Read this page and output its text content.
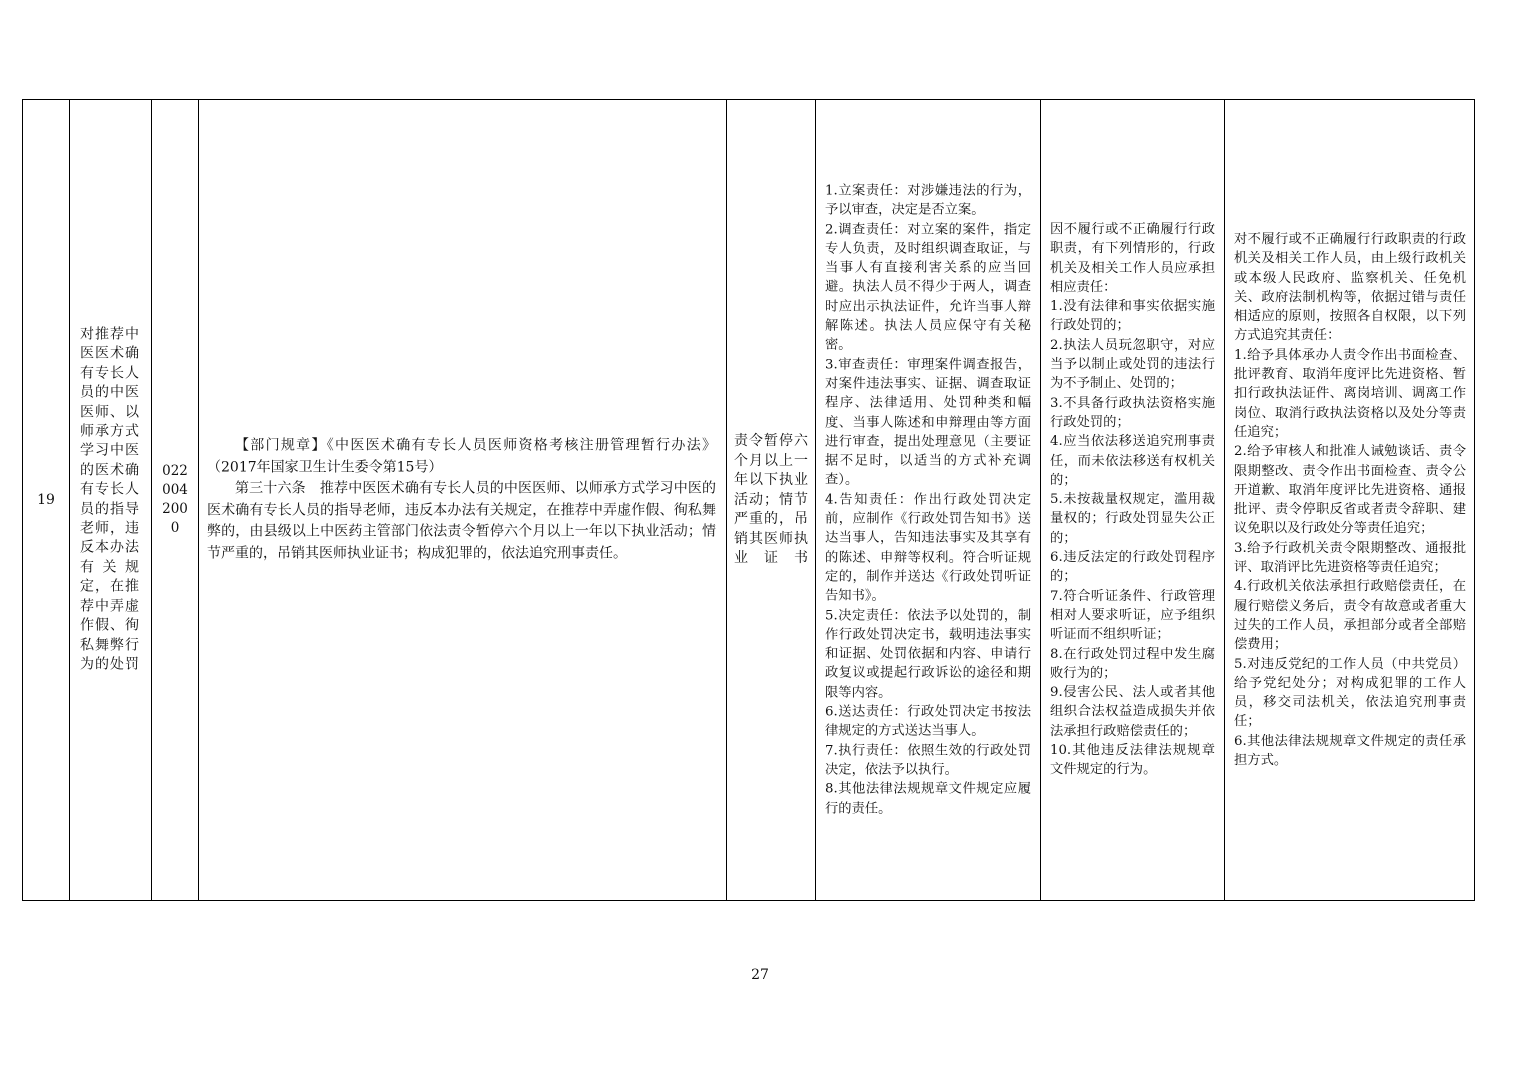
19
对推荐中医医术确有专长人员的中医医师、以师承方式学习中医的医术确有专长人员的指导老师，违反本办法有关规定，在推荐中弄虚作假、徇私舞弊行为的处罚
0220042000

【部门规章】《中医医术确有专长人员医师资格考核注册管理暂行办法》（2017年国家卫生计生委令第15号）

第三十六条　推荐中医医术确有专长人员的中医医师、以师承方式学习中医的医术确有专长人员的指导老师，违反本办法有关规定，在推荐中弄虚作假、徇私舞弊的，由县级以上中医药主管部门依法责令暂停六个月以上一年以下执业活动；情节严重的，吊销其医师执业证书；构成犯罪的，依法追究刑事责任。

责令暂停六个月以上一年以下执业活动；情节严重的，吊销其医师执业证书
1.立案责任：对涉嫌违法的行为，予以审查，决定是否立案。
2.调查责任：对立案的案件，指定专人负责，及时组织调查取证，与当事人有直接利害关系的应当回避。执法人员不得少于两人，调查时应出示执法证件，允许当事人辩解陈述。执法人员应保守有关秘密。
3.审查责任：审理案件调查报告，对案件违法事实、证据、调查取证程序、法律适用、处罚种类和幅度、当事人陈述和申辩理由等方面进行审查，提出处理意见（主要证据不足时，以适当的方式补充调查）。
4.告知责任：作出行政处罚决定前，应制作《行政处罚告知书》送达当事人，告知违法事实及其享有的陈述、申辩等权利。符合听证规定的，制作并送达《行政处罚听证告知书》。
5.决定责任：依法予以处罚的，制作行政处罚决定书，载明违法事实和证据、处罚依据和内容、申请行政复议或提起行政诉讼的途径和期限等内容。
6.送达责任：行政处罚决定书按法律规定的方式送达当事人。
7.执行责任：依照生效的行政处罚决定，依法予以执行。
8.其他法律法规规章文件规定应履行的责任。
因不履行或不正确履行行政职责，有下列情形的，行政机关及相关工作人员应承担相应责任：
1.没有法律和事实依据实施行政处罚的；
2.执法人员玩忽职守，对应当予以制止或处罚的违法行为不予制止、处罚的；
3.不具备行政执法资格实施行政处罚的；
4.应当依法移送追究刑事责任，而未依法移送有权机关的；
5.未按裁量权规定，滥用裁量权的；行政处罚显失公正的；
6.违反法定的行政处罚程序的；
7.符合听证条件、行政管理相对人要求听证，应予组织听证而不组织听证；
8.在行政处罚过程中发生腐败行为的；
9.侵害公民、法人或者其他组织合法权益造成损失并依法承担行政赔偿责任的；
10.其他违反法律法规规章文件规定的行为。
对不履行或不正确履行行政职责的行政机关及相关工作人员，由上级行政机关或本级人民政府、监察机关、任免机关、政府法制机构等，依据过错与责任相适应的原则，按照各自权限，以下列方式追究其责任：
1.给予具体承办人责令作出书面检查、批评教育、取消年度评比先进资格、暂扣行政执法证件、离岗培训、调离工作岗位、取消行政执法资格以及处分等责任追究；
2.给予审核人和批准人诫勉谈话、责令限期整改、责令作出书面检查、责令公开道歉、取消年度评比先进资格、通报批评、责令停职反省或者责令辞职、建议免职以及行政处分等责任追究；
3.给予行政机关责令限期整改、通报批评、取消评比先进资格等责任追究；
4.行政机关依法承担行政赔偿责任，在履行赔偿义务后，责令有故意或者重大过失的工作人员，承担部分或者全部赔偿费用；
5.对违反党纪的工作人员（中共党员）给予党纪处分；对构成犯罪的工作人员，移交司法机关，依法追究刑事责任；
6.其他法律法规规章文件规定的责任承担方式。
27
